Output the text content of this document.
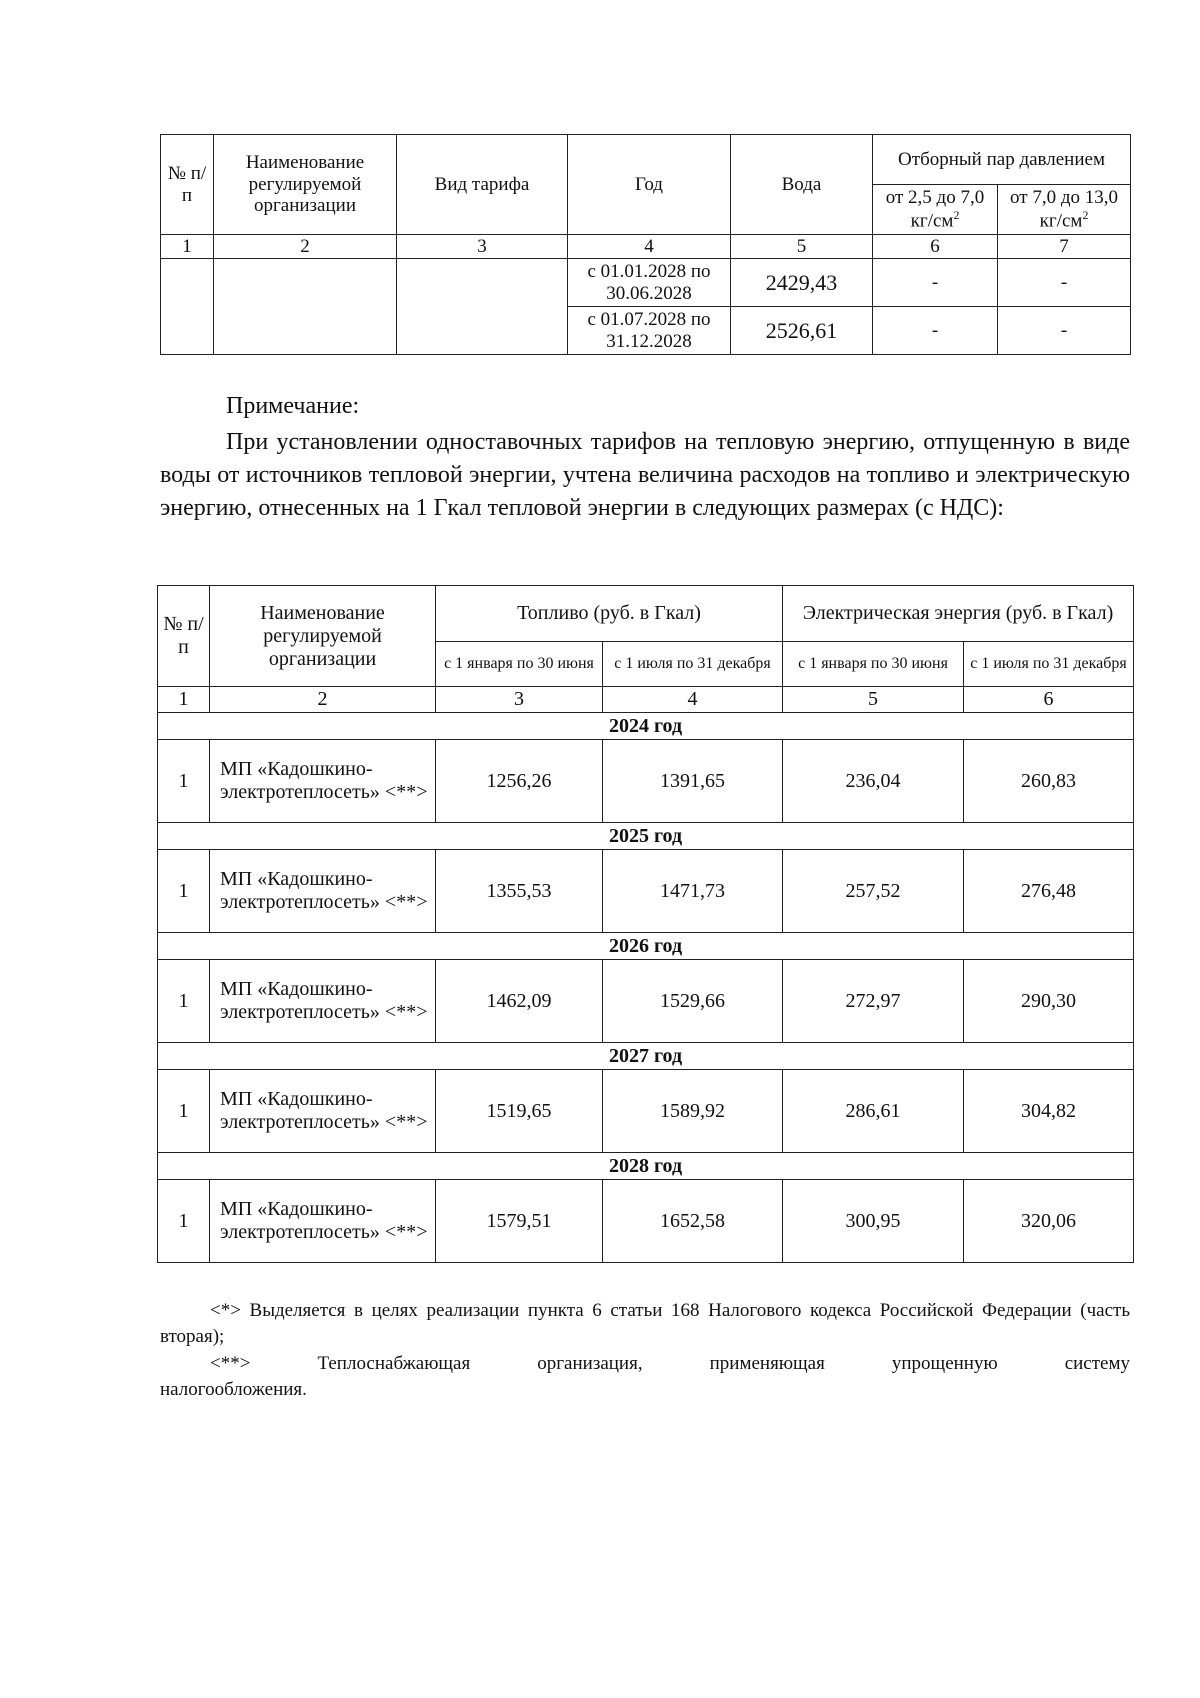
№ п/п	Наименование регулируемой организации	Вид тарифа	Год	Вода	Отборный пар давлением	
					от 2,5 до 7,0 $кг/см^2$	от 7,0 до 13,0 $кг/см^2$
1	2	3	4	5	6	7
			с 01.01.2028 по 30.06.2028	2429,43	-	-
			с 01.07.2028 по 31.12.2028	2526,61	-	-
Примечание:

При установлении одноставочных тарифов на тепловую энергию, отпущенную в виде воды от источников тепловой энергии, учтена величина расходов на топливо и электрическую энергию, отнесенных на 1 Гкал тепловой энергии в следующих размерах (с НДС):

№ п/п	Наименование регулируемой организации	Топливо (руб. в Гкал)		Электрическая энергия (руб. в Гкал)	
		с 1 января по 30 июня	с 1 июля по 31 декабря	с 1 января по 30 июня	с 1 июля по 31 декабря
1	2	3	4	5	6
2024 год					
1	МП «Кадошкино-электротеплосеть» <**>	1256,26	1391,65	236,04	260,83
2025 год					
1	МП «Кадошкино-электротеплосеть» <**>	1355,53	1471,73	257,52	276,48
2026 год					
1	МП «Кадошкино-электротеплосеть» <**>	1462,09	1529,66	272,97	290,30
2027 год					
1	МП «Кадошкино-электротеплосеть» <**>	1519,65	1589,92	286,61	304,82
2028 год					
1	МП «Кадошкино-электротеплосеть» <**>	1579,51	1652,58	300,95	320,06

<*> Выделяется в целях реализации пункта 6 статьи 168 Налогового кодекса Российской Федерации (часть вторая);

<**> Теплоснабжающая организация, применяющая упрощенную систему

налогообложения.
